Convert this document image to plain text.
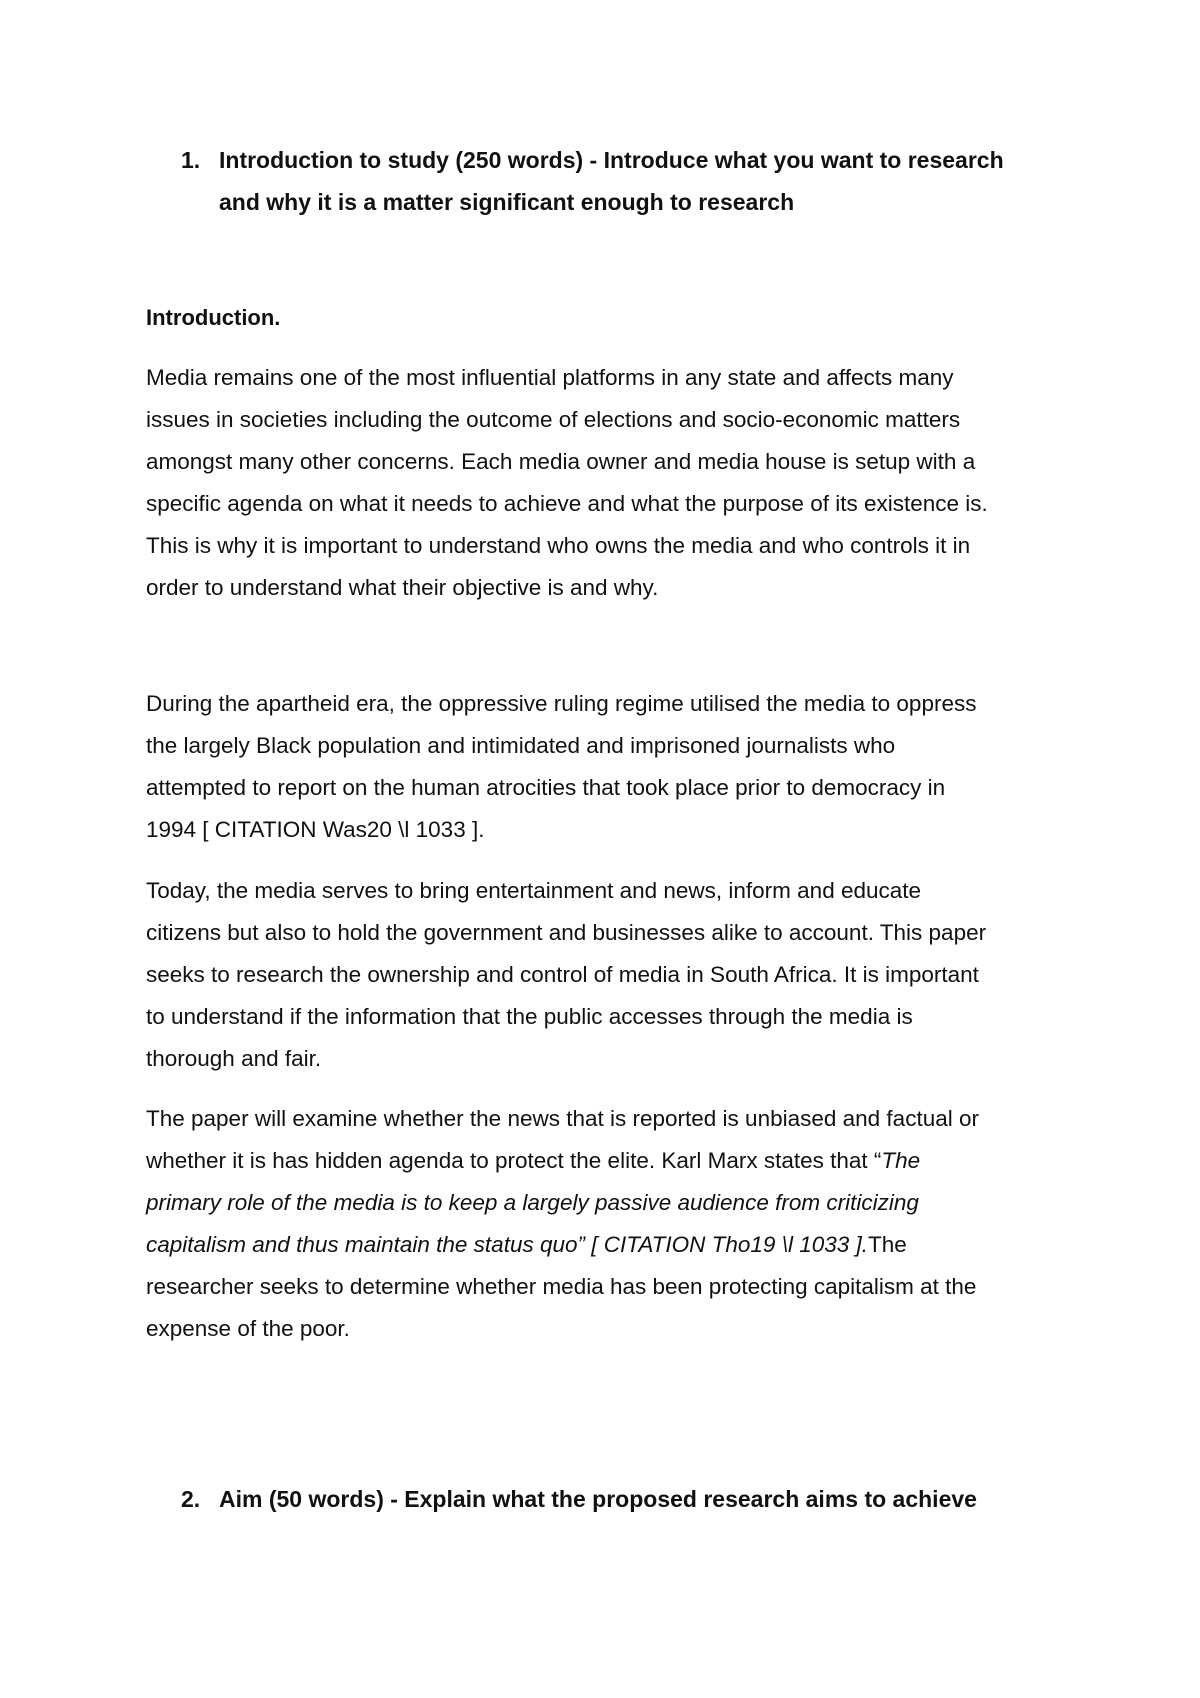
1. Introduction to study (250 words) - Introduce what you want to research
and why it is a matter significant enough to research
Introduction.

Media remains one of the most influential platforms in any state and affects many
issues in societies including the outcome of elections and socio-economic matters
amongst many other concerns. Each media owner and media house is setup with a
specific agenda on what it needs to achieve and what the purpose of its existence is.
This is why it is important to understand who owns the media and who controls it in
order to understand what their objective is and why.

During the apartheid era, the oppressive ruling regime utilised the media to oppress
the largely Black population and intimidated and imprisoned journalists who
attempted to report on the human atrocities that took place prior to democracy in
1994 [ CITATION Was20 \l 1033 ].

Today, the media serves to bring entertainment and news, inform and educate
citizens but also to hold the government and businesses alike to account. This paper
seeks to research the ownership and control of media in South Africa. It is important
to understand if the information that the public accesses through the media is
thorough and fair.

The paper will examine whether the news that is reported is unbiased and factual or
whether it is has hidden agenda to protect the elite. Karl Marx states that “The
primary role of the media is to keep a largely passive audience from criticizing
capitalism and thus maintain the status quo” [ CITATION Tho19 \l 1033 ].The
researcher seeks to determine whether media has been protecting capitalism at the
expense of the poor.

2. Aim (50 words) - Explain what the proposed research aims to achieve
